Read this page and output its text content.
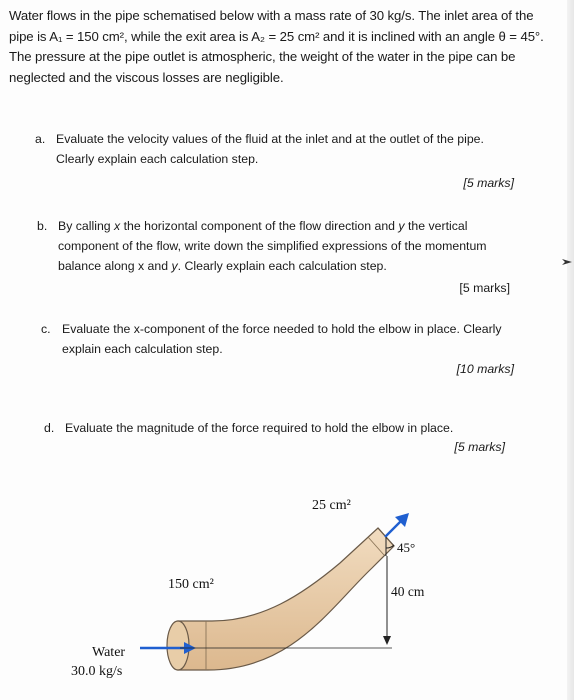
Water flows in the pipe schematised below with a mass rate of 30 kg/s. The inlet area of the pipe is A₁ = 150 cm², while the exit area is A₂ = 25 cm² and it is inclined with an angle θ = 45°. The pressure at the pipe outlet is atmospheric, the weight of the water in the pipe can be neglected and the viscous losses are negligible.
a. Evaluate the velocity values of the fluid at the inlet and at the outlet of the pipe. Clearly explain each calculation step.
[5 marks]
b. By calling x the horizontal component of the flow direction and y the vertical component of the flow, write down the simplified expressions of the momentum balance along x and y. Clearly explain each calculation step.
[5 marks]
c. Evaluate the x-component of the force needed to hold the elbow in place. Clearly explain each calculation step.
[10 marks]
d. Evaluate the magnitude of the force required to hold the elbow in place.
[5 marks]
25 cm²
45°
150 cm²	40 cm
Water
30.0 kg/s
